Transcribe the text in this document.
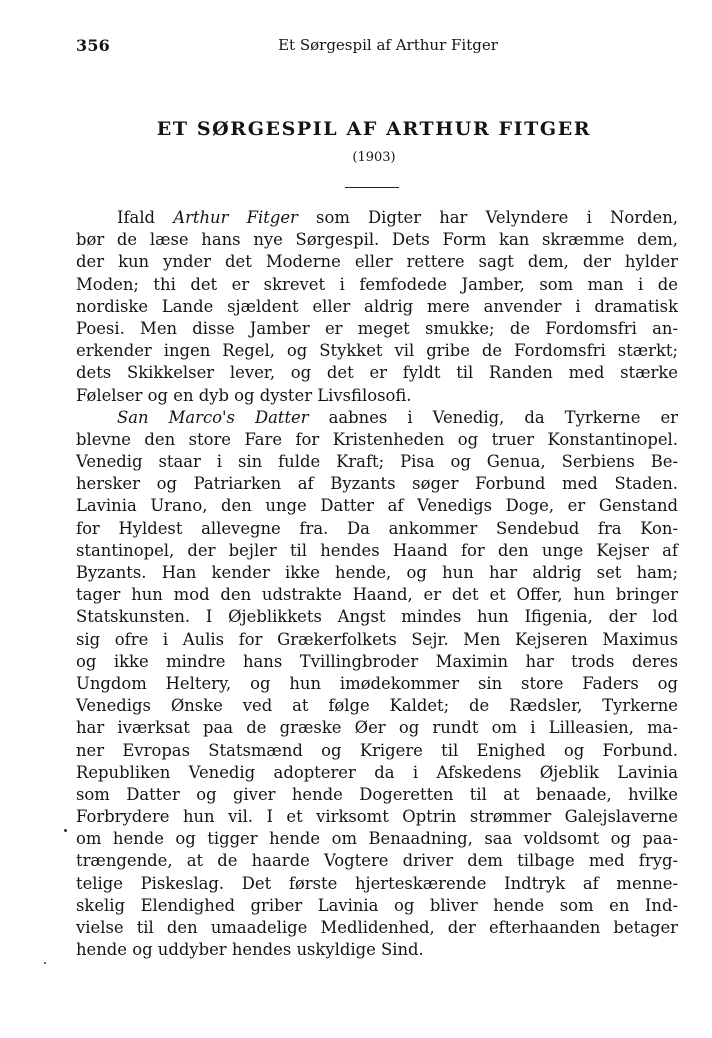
356	Et Sørgespil af Arthur Fitger
ET SØRGESPIL AF ARTHUR FITGER
(1903)
Ifald Arthur Fitger som Digter har Velyndere i Norden,
bør de læse hans nye Sørgespil. Dets Form kan skræmme dem,
der kun ynder det Moderne eller rettere sagt dem, der hylder
Moden; thi det er skrevet i femfodede Jamber, som man i de
nordiske Lande sjældent eller aldrig mere anvender i dramatisk
Poesi. Men disse Jamber er meget smukke; de Fordomsfri an-
erkender ingen Regel, og Stykket vil gribe de Fordomsfri stærkt;
dets Skikkelser lever, og det er fyldt til Randen med stærke
Følelser og en dyb og dyster Livsfilosofi.
San Marco's Datter aabnes i Venedig, da Tyrkerne er
blevne den store Fare for Kristenheden og truer Konstantinopel.
Venedig staar i sin fulde Kraft; Pisa og Genua, Serbiens Be-
hersker og Patriarken af Byzants søger Forbund med Staden.
Lavinia Urano, den unge Datter af Venedigs Doge, er Genstand
for Hyldest allevegne fra. Da ankommer Sendebud fra Kon-
stantinopel, der bejler til hendes Haand for den unge Kejser af
Byzants. Han kender ikke hende, og hun har aldrig set ham;
tager hun mod den udstrakte Haand, er det et Offer, hun bringer
Statskunsten. I Øjeblikkets Angst mindes hun Ifigenia, der lod
sig ofre i Aulis for Grækerfolkets Sejr. Men Kejseren Maximus
og ikke mindre hans Tvillingbroder Maximin har trods deres
Ungdom Heltery, og hun imødekommer sin store Faders og
Venedigs Ønske ved at følge Kaldet; de Rædsler, Tyrkerne
har iværksat paa de græske Øer og rundt om i Lilleasien, ma-
ner Evropas Statsmænd og Krigere til Enighed og Forbund.
Republiken Venedig adopterer da i Afskedens Øjeblik Lavinia
som Datter og giver hende Dogeretten til at benaade, hvilke
Forbrydere hun vil. I et virksomt Optrin strømmer Galejslaverne
om hende og tigger hende om Benaadning, saa voldsomt og paa-
trængende, at de haarde Vogtere driver dem tilbage med fryg-
telige Piskeslag. Det første hjerteskærende Indtryk af menne-
skelig Elendighed griber Lavinia og bliver hende som en Ind-
vielse til den umaadelige Medlidenhed, der efterhaanden betager
hende og uddyber hendes uskyldige Sind.
